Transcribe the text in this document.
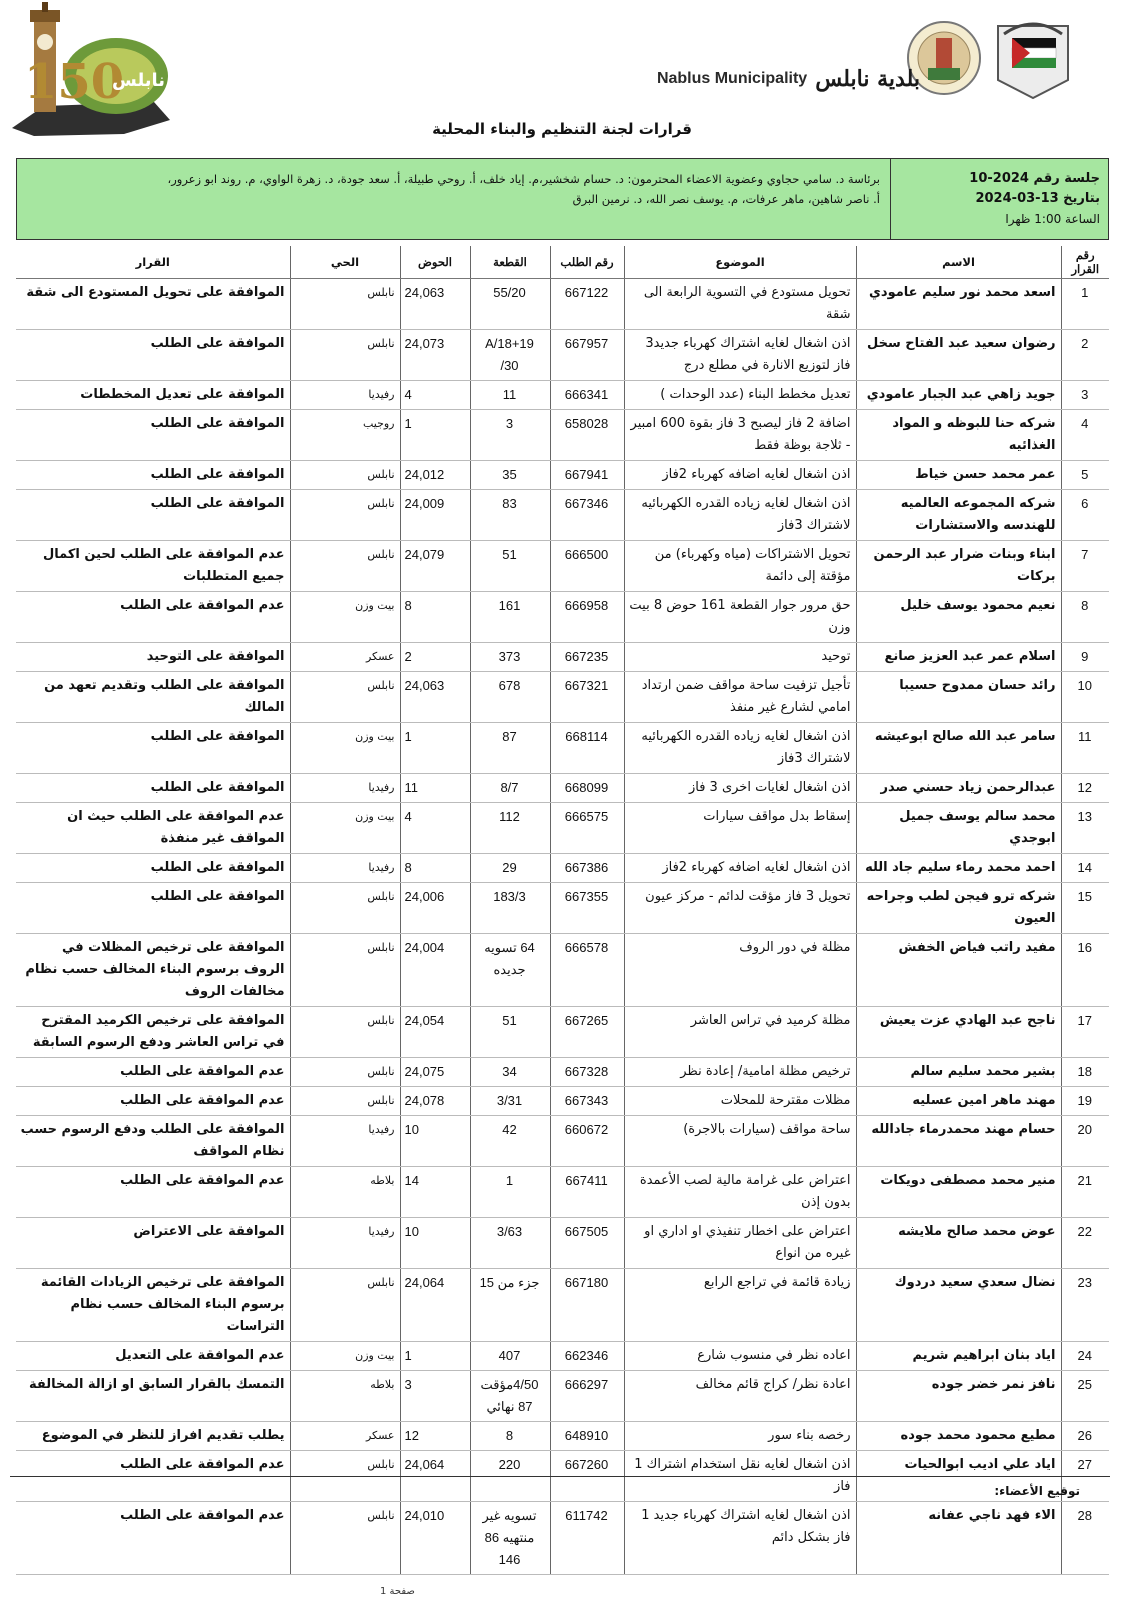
150
نابلس	Nablus Municipality بلدية نابلس
قرارات لجنة التنظيم والبناء المحلية
جلسة رقم 2024-10
بتاريخ 13-03-2024
الساعة 1:00 ظهرا
برئاسة د. سامي حجاوي وعضوية الاعضاء المحترمون: د. حسام شخشير،م. إياد خلف، أ. روحي طبيلة، أ. سعد جودة، د. زهرة الواوي، م. روند ابو زعرور،
أ. ناصر شاهين، ماهر عرفات، م. يوسف نصر الله، د. نرمين البرق
رقم القرار	الاسم	الموضوع	رقم الطلب	القطعة	الحوض	الحي	القرار
1	اسعد محمد نور سليم عامودي	تحويل مستودع في التسوية الرابعة الى شقة	667122	55/20	24,063	نابلس	الموافقة على تحويل المستودع الى شقة
2	رضوان سعيد عبد الفتاح سخل	اذن اشغال لغايه اشتراك كهرباء جديد3 فاز لتوزيع الانارة في مطلع درج	667957	A/18+19 /30	24,073	نابلس	الموافقة على الطلب
3	جويد زاهي عبد الجبار عامودي	تعديل مخطط البناء (عدد الوحدات )	666341	11	4	رفيديا	الموافقة على تعديل المخططات
4	شركه حنا للبوظه و المواد الغذائيه	اضافة 2 فاز ليصبح 3 فاز بقوة 600 امبير - ثلاجة بوظة فقط	658028	3	1	روجيب	الموافقة على الطلب
5	عمر محمد حسن خياط	اذن اشغال لغايه اضافه كهرباء 2فاز	667941	35	24,012	نابلس	الموافقة على الطلب
6	شركه المجموعه العالميه للهندسه والاستشارات	اذن اشغال لغايه زياده القدره الكهربائيه لاشتراك 3فاز	667346	83	24,009	نابلس	الموافقة على الطلب
7	ابناء وبنات ضرار عبد الرحمن بركات	تحويل الاشتراكات (مياه وكهرباء) من مؤقتة إلى دائمة	666500	51	24,079	نابلس	عدم الموافقة على الطلب لحين اكمال جميع المتطلبات
8	نعيم محمود يوسف خليل	حق مرور جوار القطعة 161 حوض 8 بيت وزن	666958	161	8	بيت وزن	عدم الموافقة على الطلب
9	اسلام عمر عبد العزيز صانع	توحيد	667235	373	2	عسكر	الموافقة على التوحيد
10	رائد حسان ممدوح حسيبا	تأجيل تزفيت ساحة مواقف ضمن ارتداد امامي لشارع غير منفذ	667321	678	24,063	نابلس	الموافقة على الطلب وتقديم تعهد من المالك
11	سامر عبد الله صالح ابوعيشه	اذن اشغال لغايه زياده القدره الكهربائيه لاشتراك 3فاز	668114	87	1	بيت وزن	الموافقة على الطلب
12	عبدالرحمن زياد حسني صدر	اذن اشغال لغايات اخرى 3 فاز	668099	8/7	11	رفيديا	الموافقة على الطلب
13	محمد سالم يوسف جميل ابوجدي	إسقاط بدل مواقف سيارات	666575	112	4	بيت وزن	عدم الموافقة على الطلب حيث ان المواقف غير منفذة
14	احمد محمد رماء سليم جاد الله	اذن اشغال لغايه اضافه كهرباء 2فاز	667386	29	8	رفيديا	الموافقة على الطلب
15	شركه ترو فيجن لطب وجراحه العيون	تحويل 3 فاز مؤقت لدائم - مركز عيون	667355	183/3	24,006	نابلس	الموافقة على الطلب
16	مفيد راتب فياض الخفش	مظلة في دور الروف	666578	64 تسويه جديده	24,004	نابلس	الموافقة على ترخيص المظلات في الروف برسوم البناء المخالف حسب نظام مخالفات الروف
17	ناجح عبد الهادي عزت يعيش	مظلة كرميد في تراس العاشر	667265	51	24,054	نابلس	الموافقة على ترخيص الكرميد المقترح في تراس العاشر ودفع الرسوم السابقة
18	بشير محمد سليم سالم	ترخيص مظلة امامية/ إعادة نظر	667328	34	24,075	نابلس	عدم الموافقة على الطلب
19	مهند ماهر امين عسليه	مظلات مقترحة للمحلات	667343	3/31	24,078	نابلس	عدم الموافقة على الطلب
20	حسام مهند محمدرماء جادالله	ساحة مواقف (سيارات بالاجرة)	660672	42	10	رفيديا	الموافقة على الطلب ودفع الرسوم حسب نظام المواقف
21	منير محمد مصطفى دويكات	اعتراض على غرامة مالية لصب الأعمدة بدون إذن	667411	1	14	بلاطه	عدم الموافقة على الطلب
22	عوض محمد صالح ملايشه	اعتراض على اخطار تنفيذي او اداري او غيره من انواع	667505	3/63	10	رفيديا	الموافقة على الاعتراض
23	نضال سعدي سعيد دردوك	زيادة قائمة في تراجع الرابع	667180	جزء من 15	24,064	نابلس	الموافقة على ترخيص الزيادات القائمة برسوم البناء المخالف حسب نظام التراسات
24	اياد بنان ابراهيم شريم	اعاده نظر في منسوب شارع	662346	407	1	بيت وزن	عدم الموافقة على التعديل
25	نافز نمر خضر جوده	اعادة نظر/ كراج قائم مخالف	666297	4/50مؤقت 87 نهائي	3	بلاطه	التمسك بالقرار السابق او ازالة المخالفة
26	مطيع محمود محمد جوده	رخصه بناء سور	648910	8	12	عسكر	يطلب تقديم افراز للنظر في الموضوع
27	اياد علي اديب ابوالحيات	اذن اشغال لغايه نقل استخدام اشتراك 1 فاز	667260	220	24,064	نابلس	عدم الموافقة على الطلب
28	الاء فهد ناجي عفانه	اذن اشغال لغايه اشتراك كهرباء جديد 1 فاز بشكل دائم	611742	تسويه غير منتهيه 86 146	24,010	نابلس	عدم الموافقة على الطلب
توقيع الأعضاء:
صفحة 1
